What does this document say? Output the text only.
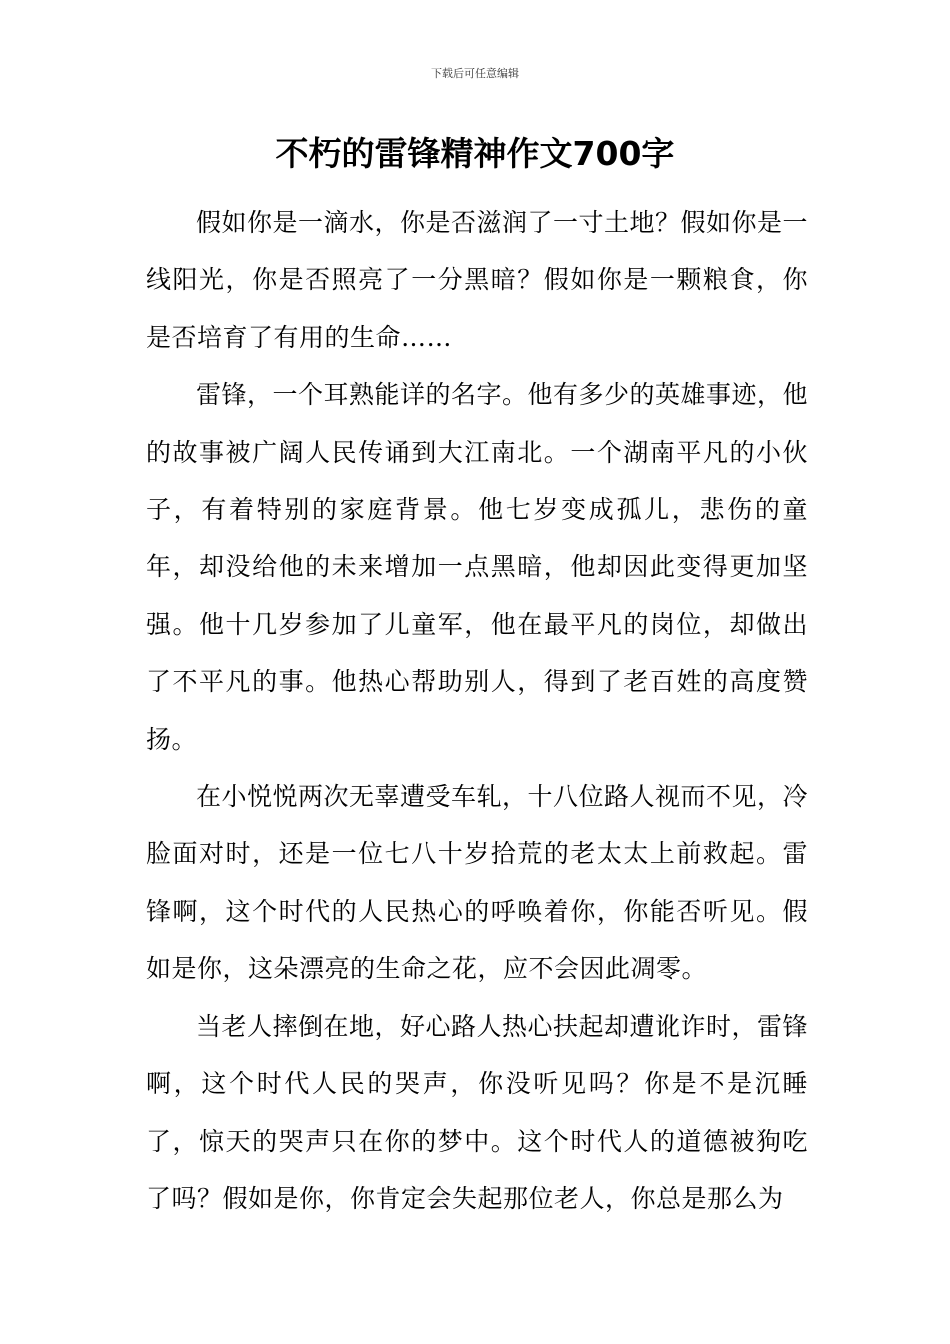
下载后可任意编辑
不朽的雷锋精神作文700字

假如你是一滴水，你是否滋润了一寸土地？假如你是一线阳光，你是否照亮了一分黑暗？假如你是一颗粮食，你是否培育了有用的生命……

雷锋，一个耳熟能详的名字。他有多少的英雄事迹，他的故事被广阔人民传诵到大江南北。一个湖南平凡的小伙子，有着特别的家庭背景。他七岁变成孤儿，悲伤的童年，却没给他的未来增加一点黑暗，他却因此变得更加坚强。他十几岁参加了儿童军，他在最平凡的岗位，却做出了不平凡的事。他热心帮助别人，得到了老百姓的高度赞扬。

在小悦悦两次无辜遭受车轧，十八位路人视而不见，冷脸面对时，还是一位七八十岁拾荒的老太太上前救起。雷锋啊，这个时代的人民热心的呼唤着你，你能否听见。假如是你，这朵漂亮的生命之花，应不会因此凋零。

当老人摔倒在地，好心路人热心扶起却遭讹诈时，雷锋啊，这个时代人民的哭声，你没听见吗？你是不是沉睡了，惊天的哭声只在你的梦中。这个时代人的道德被狗吃了吗？假如是你，你肯定会失起那位老人，你总是那么为
